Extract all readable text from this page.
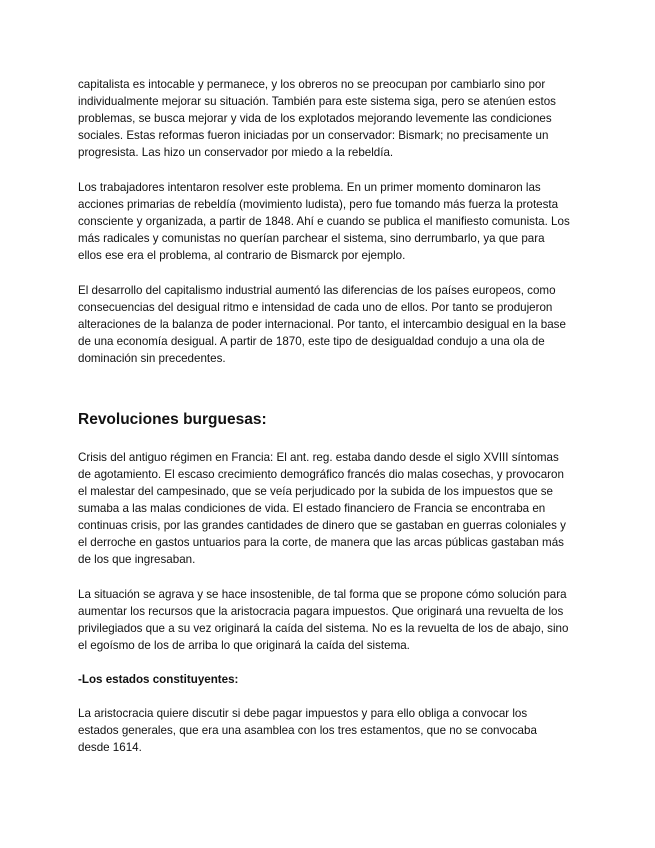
capitalista es intocable y permanece, y los obreros no se preocupan por cambiarlo sino por
individualmente mejorar su situación. También para este sistema siga, pero se atenúen estos
problemas, se busca mejorar y vida de los explotados mejorando levemente las condiciones
sociales. Estas reformas fueron iniciadas por un conservador: Bismark; no precisamente un
progresista. Las hizo un conservador por miedo a la rebeldía.

Los trabajadores intentaron resolver este problema. En un primer momento dominaron las
acciones primarias de rebeldía (movimiento ludista), pero fue tomando más fuerza la protesta
consciente y organizada, a partir de 1848. Ahí e cuando se publica el manifiesto comunista. Los
más radicales y comunistas no querían parchear el sistema, sino derrumbarlo, ya que para
ellos ese era el problema, al contrario de Bismarck por ejemplo.

El desarrollo del capitalismo industrial aumentó las diferencias de los países europeos, como
consecuencias del desigual ritmo e intensidad de cada uno de ellos. Por tanto se produjeron
alteraciones de la balanza de poder internacional. Por tanto, el intercambio desigual en la base
de una economía desigual. A partir de 1870, este tipo de desigualdad condujo a una ola de
dominación sin precedentes.

Revoluciones burguesas:

Crisis del antiguo régimen en Francia: El ant. reg. estaba dando desde el siglo XVIII síntomas
de agotamiento. El escaso crecimiento demográfico francés dio malas cosechas, y provocaron
el malestar del campesinado, que se veía perjudicado por la subida de los impuestos que se
sumaba a las malas condiciones de vida. El estado financiero de Francia se encontraba en
continuas crisis, por las grandes cantidades de dinero que se gastaban en guerras coloniales y
el derroche en gastos untuarios para la corte, de manera que las arcas públicas gastaban más
de los que ingresaban.

La situación se agrava y se hace insostenible, de tal forma que se propone cómo solución para
aumentar los recursos que la aristocracia pagara impuestos. Que originará una revuelta de los
privilegiados que a su vez originará la caída del sistema. No es la revuelta de los de abajo, sino
el egoísmo de los de arriba lo que originará la caída del sistema.

-Los estados constituyentes:

La aristocracia quiere discutir si debe pagar impuestos y para ello obliga a convocar los
estados generales, que era una asamblea con los tres estamentos, que no se convocaba
desde 1614.
